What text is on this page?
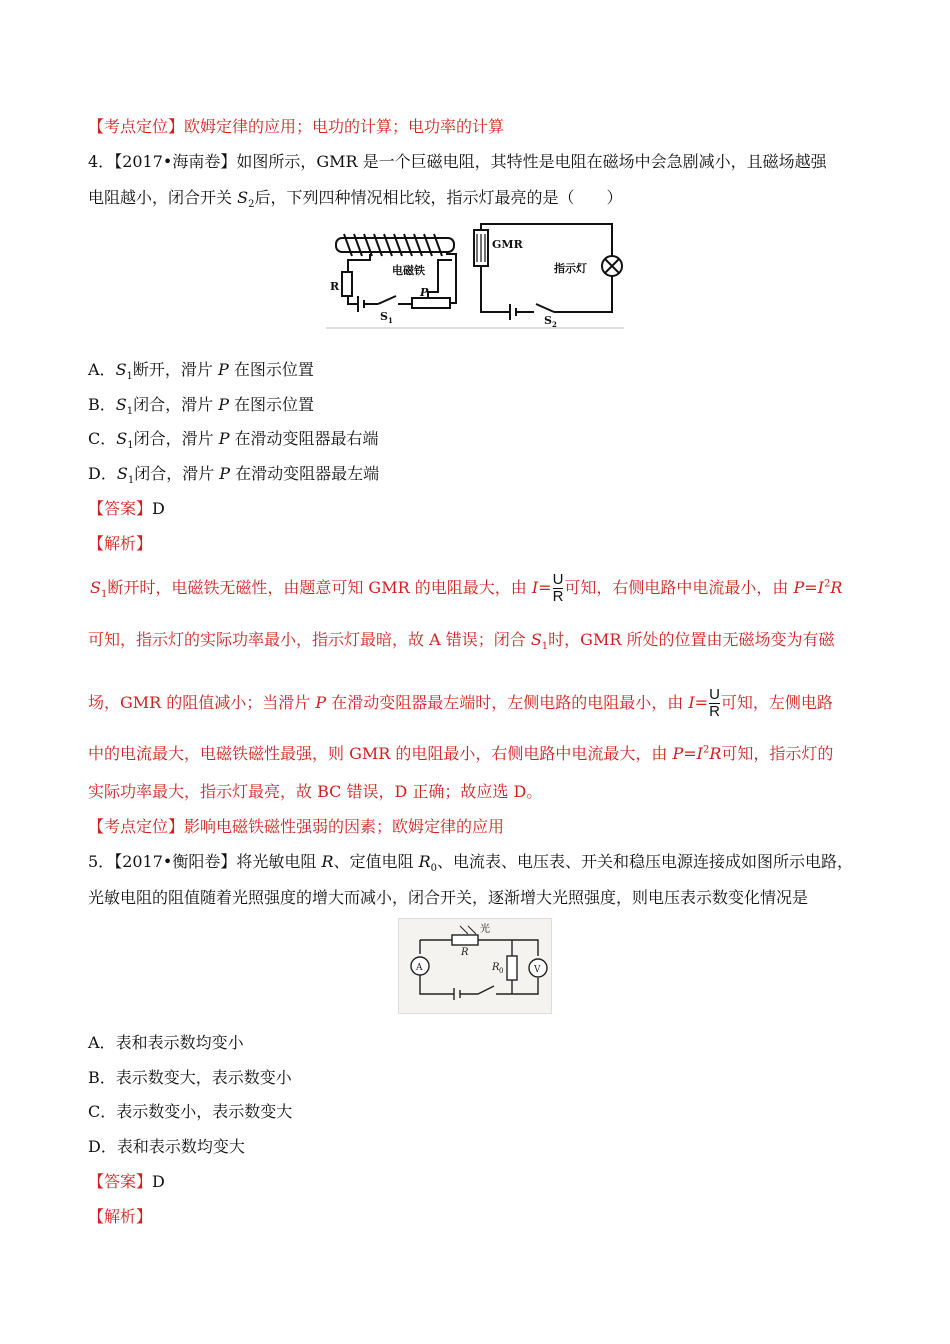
【考点定位】欧姆定律的应用；电功的计算；电功率的计算
4．【2017•海南卷】如图所示，GMR 是一个巨磁电阻，其特性是电阻在磁场中会急剧减小，且磁场越强
电阻越小，闭合开关 $S_2$后，下列四种情况相比较，指示灯最亮的是（　　）
GMR
指示灯
电磁铁
R	P
S 1	S 2
A．$S_1$断开，滑片 P 在图示位置
B．$S_1$闭合，滑片 P 在图示位置
C．$S_1$闭合，滑片 P 在滑动变阻器最右端
D．$S_1$闭合，滑片 P 在滑动变阻器最左端
【答案】D
【解析】
$S_1$断开时，电磁铁无磁性，由题意可知 GMR 的电阻最大，由 $I= \frac{U}{R}$ 可知，右侧电路中电流最小，由 $P=I^2R$
可知，指示灯的实际功率最小，指示灯最暗，故 A 错误；闭合 $S_1$时，GMR 所处的位置由无磁场变为有磁
场，GMR 的阻值减小；当滑片 P 在滑动变阻器最左端时，左侧电路的电阻最小，由 $I= \frac{U}{R}$ 可知，左侧电路
中的电流最大，电磁铁磁性最强，则 GMR 的电阻最小，右侧电路中电流最大，由 $P=I^2R$可知，指示灯的
实际功率最大，指示灯最亮，故 BC 错误，D 正确；故应选 D。
【考点定位】影响电磁铁磁性强弱的因素；欧姆定律的应用
5．【2017•衡阳卷】将光敏电阻 R、定值电阻 $R_0$、电流表、电压表、开关和稳压电源连接成如图所示电路，
光敏电阻的阻值随着光照强度的增大而减小，闭合开关，逐渐增大光照强度，则电压表示数变化情况是
光
R
R 0
A	V
A．表和表示数均变小
B．表示数变大，表示数变小
C．表示数变小，表示数变大
D．表和表示数均变大
【答案】D
【解析】
